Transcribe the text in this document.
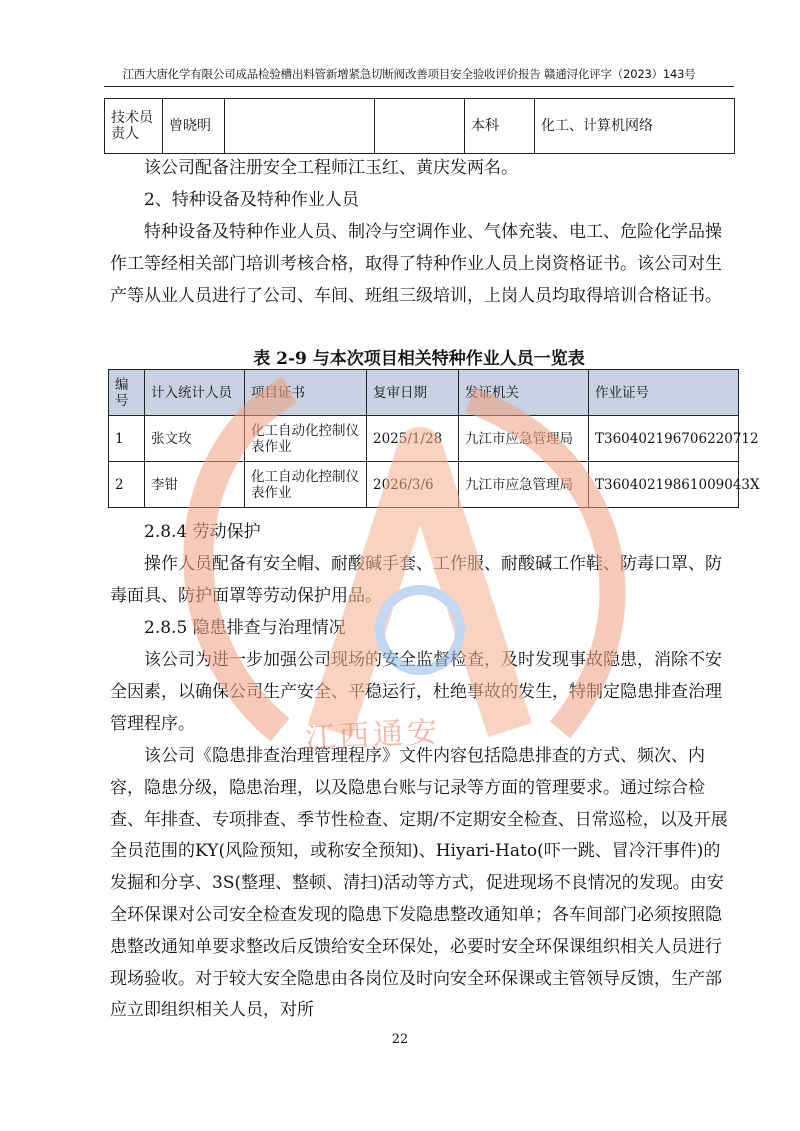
江西大唐化学有限公司成品检验槽出料管新增紧急切断阀改善项目安全验收评价报告 赣通浔化评字（2023）143号
技术员
责人	曾晓明			本科	化工、计算机网络

该公司配备注册安全工程师江玉红、黄庆发两名。

2、特种设备及特种作业人员

特种设备及特种作业人员、制冷与空调作业、气体充装、电工、危险化学品操作工等经相关部门培训考核合格，取得了特种作业人员上岗资格证书。该公司对生产等从业人员进行了公司、车间、班组三级培训，上岗人员均取得培训合格证书。

表 2-9 与本次项目相关特种作业人员一览表
编号	计入统计人员	项目证书	复审日期	发证机关	作业证号
1	张文玫	化工自动化控制仪表作业	2025/1/28	九江市应急管理局	T360402196706220712
2	李钳	化工自动化控制仪表作业	2026/3/6	九江市应急管理局	T36040219861009043X

2.8.4 劳动保护

操作人员配备有安全帽、耐酸碱手套、工作服、耐酸碱工作鞋、防毒口罩、防毒面具、防护面罩等劳动保护用品。

2.8.5 隐患排查与治理情况

该公司为进一步加强公司现场的安全监督检查，及时发现事故隐患，消除不安全因素，以确保公司生产安全、平稳运行，杜绝事故的发生，特制定隐患排查治理管理程序。

该公司《隐患排查治理管理程序》文件内容包括隐患排查的方式、频次、内容，隐患分级，隐患治理，以及隐患台账与记录等方面的管理要求。通过综合检查、年排查、专项排查、季节性检查、定期/不定期安全检查、日常巡检，以及开展全员范围的KY(风险预知，或称安全预知)、Hiyari-Hato(吓一跳、冒冷汗事件)的发掘和分享、3S(整理、整顿、清扫)活动等方式，促进现场不良情况的发现。由安全环保课对公司安全检查发现的隐患下发隐患整改通知单；各车间部门必须按照隐患整改通知单要求整改后反馈给安全环保处，必要时安全环保课组织相关人员进行现场验收。对于较大安全隐患由各岗位及时向安全环保课或主管领导反馈，生产部应立即组织相关人员，对所

江西通安
22
